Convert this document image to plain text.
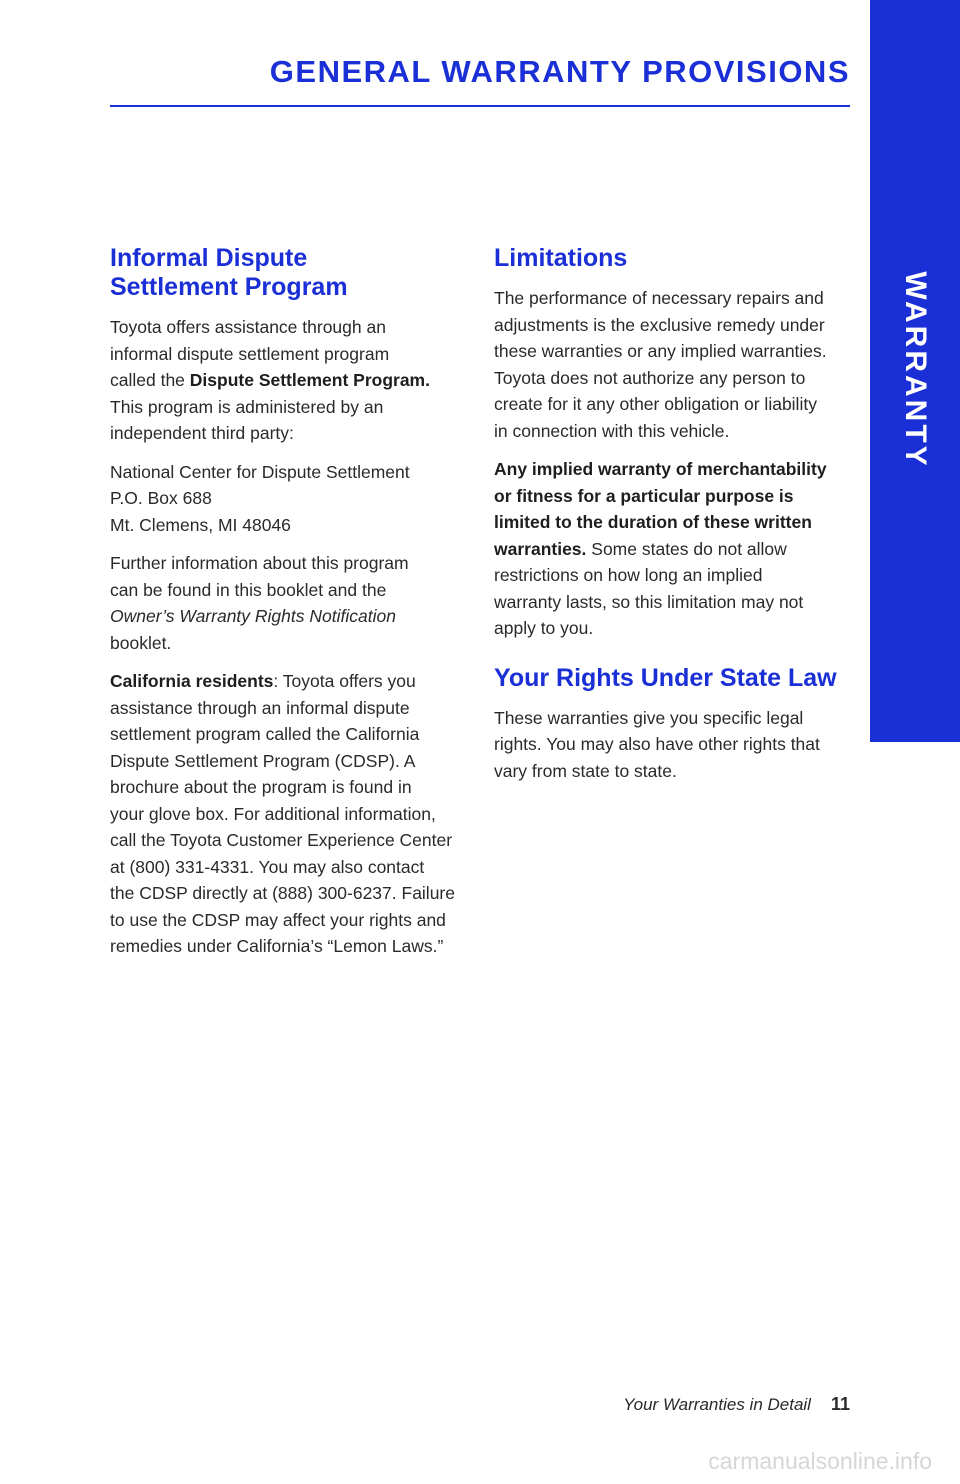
GENERAL WARRANTY PROVISIONS
WARRANTY
Informal Dispute
Settlement Program

Toyota offers assistance through an
informal dispute settlement program
called the Dispute Settlement Program.
This program is administered by an
independent third party:

National Center for Dispute Settlement
P.O. Box 688
Mt. Clemens, MI 48046

Further information about this program
can be found in this booklet and the
Owner’s Warranty Rights Notification booklet.

California residents: Toyota offers you
assistance through an informal dispute
settlement program called the California
Dispute Settlement Program (CDSP). A
brochure about the program is found in
your glove box. For additional information,
call the Toyota Customer Experience Center
at (800) 331-4331. You may also contact
the CDSP directly at (888) 300-6237. Failure
to use the CDSP may affect your rights and
remedies under California’s “Lemon Laws.”

Limitations

The performance of necessary repairs and
adjustments is the exclusive remedy under
these warranties or any implied warranties.
Toyota does not authorize any person to
create for it any other obligation or liability
in connection with this vehicle.

Any implied warranty of merchantability
or fitness for a particular purpose is
limited to the duration of these written
warranties. Some states do not allow
restrictions on how long an implied
warranty lasts, so this limitation may not
apply to you.

Your Rights Under State Law

These warranties give you specific legal
rights. You may also have other rights that
vary from state to state.

Your Warranties in Detail 11
carmanualsonline.info
